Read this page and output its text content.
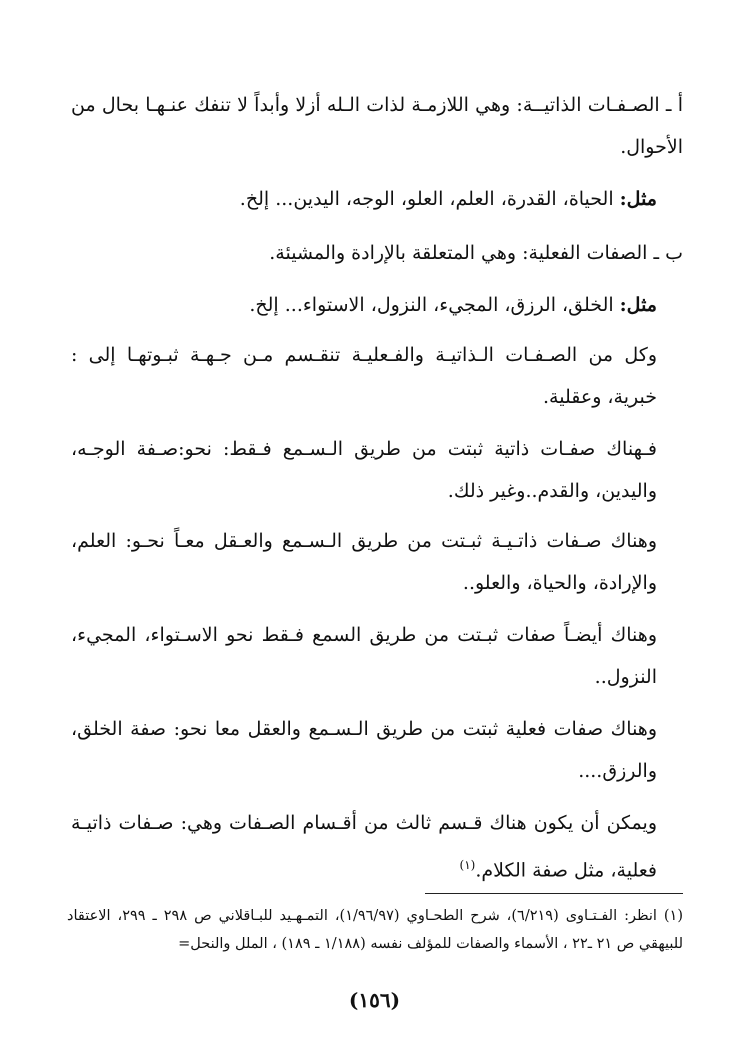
أ ـ الصـفـات الذاتيــة: وهي اللازمـة لذات الـله أزلا وأبداً لا تنفك عنـهـا بحال من الأحوال.
مثل: الحياة، القدرة، العلم، العلو، الوجه، اليدين... إلخ.
ب ـ الصفات الفعلية: وهي المتعلقة بالإرادة والمشيئة.
مثل: الخلق، الرزق، المجيء، النزول، الاستواء... إلخ.
وكل من الصـفـات الـذاتيـة والفـعليـة تنقـسم مـن جـهـة ثبـوتهـا إلى : خبرية، وعقلية.
فـهناك صفـات ذاتية ثبتت من طريق الـسـمع فـقط: نحو:صـفة الوجـه، واليدين، والقدم..وغير ذلك.
وهناك صـفات ذاتـيـة ثبـتت من طريق الـسـمع والعـقل معـاً نحـو: العلم، والإرادة، والحياة، والعلو..
وهناك أيضـاً صفات ثبـتت من طريق السمع فـقط نحو الاسـتواء، المجيء، النزول..
وهناك صفات فعلية ثبتت من طريق الـسـمع والعقل معا نحو: صفة الخلق، والرزق....
ويمكن أن يكون هناك قـسم ثالث من أقـسام الصـفات وهي: صـفات ذاتيـة فعلية، مثل صفة الكلام.$^{(١)}$
(١) انظر: الفـتـاوى (٦/٢١٩)، شرح الطحـاوي (١/٩٦/٩٧)، التمـهـيد للبـاقلاني ص ٢٩٨ ـ ٢٩٩، الاعتقاد للبيهقي ص ٢١ ـ٢٢ ، الأسماء والصفات للمؤلف نفسه (١/١٨٨ ـ ١٨٩) ، الملل والنحل=
(١٥٦)
